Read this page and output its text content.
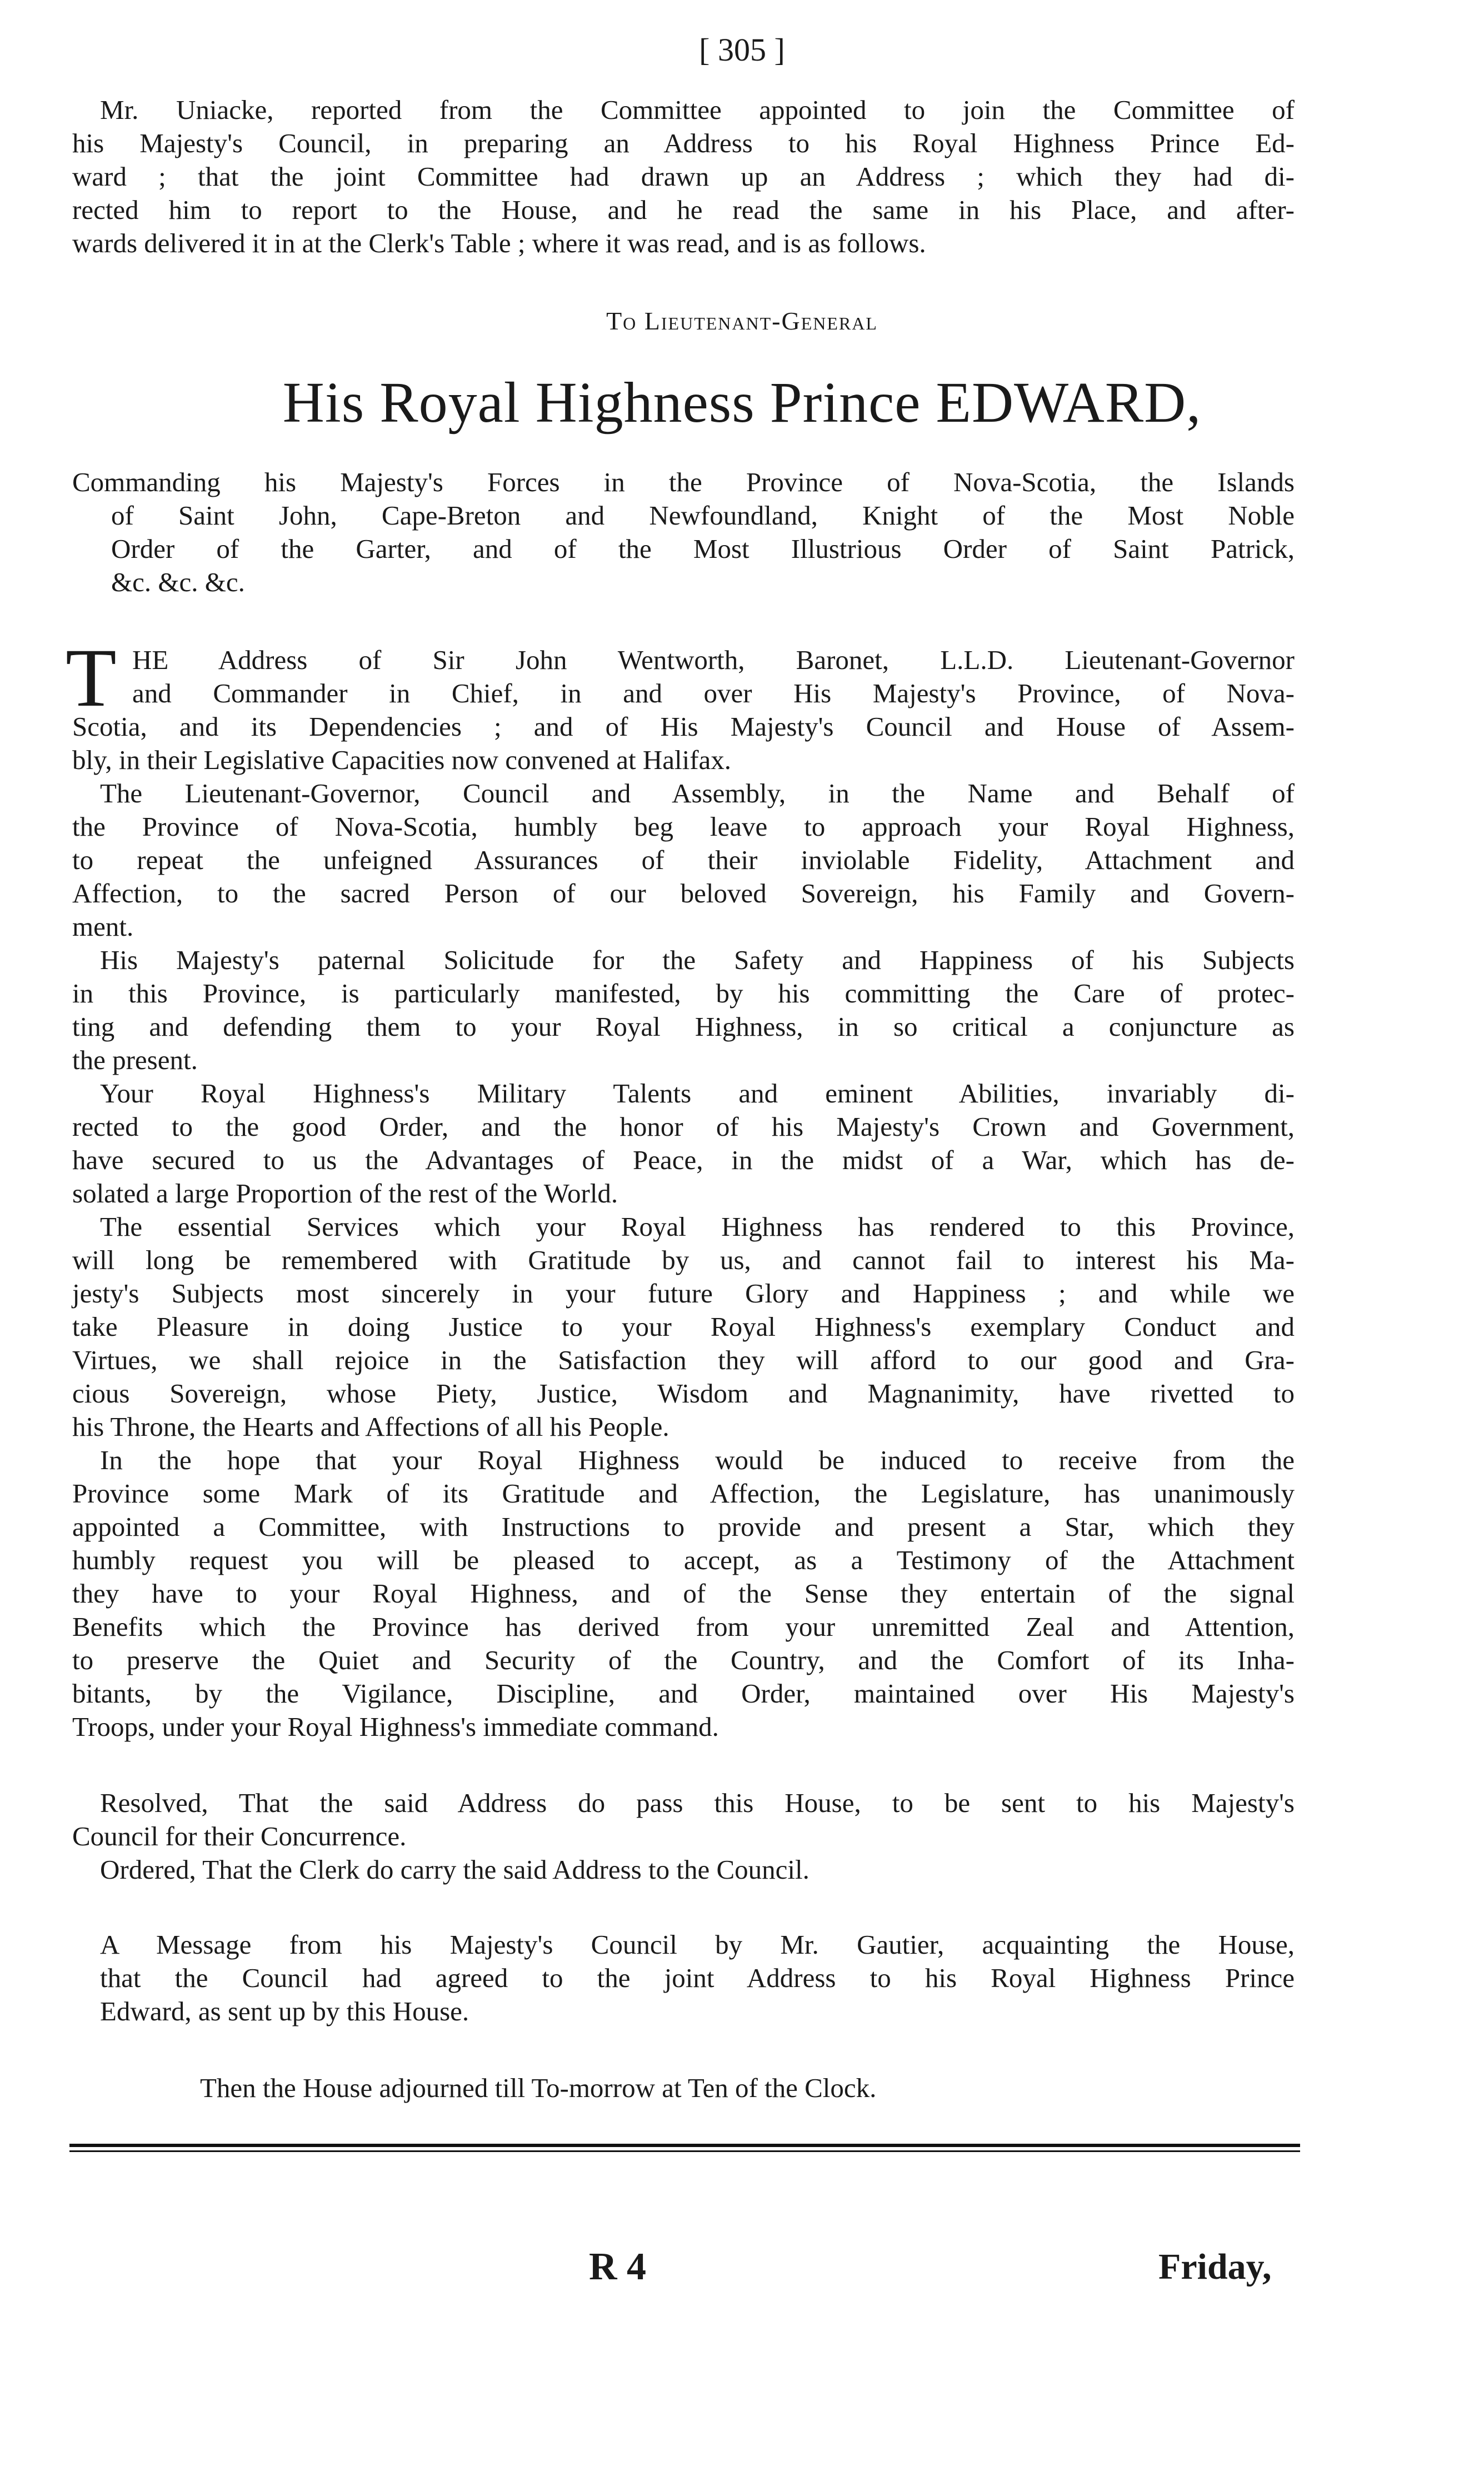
[ 305 ]
Mr. Uniacke, reported from the Committee appointed to join the Committee of
his Majesty's Council, in preparing an Address to his Royal Highness Prince Ed-
ward ; that the joint Committee had drawn up an Address ; which they had di-
rected him to report to the House, and he read the same in his Place, and after-
wards delivered it in at the Clerk's Table ; where it was read, and is as follows.
To Lieutenant-General
His Royal Highness Prince EDWARD,
Commanding his Majesty's Forces in the Province of Nova-Scotia, the Islands
of Saint John, Cape-Breton and Newfoundland, Knight of the Most Noble
Order of the Garter, and of the Most Illustrious Order of Saint Patrick,
&c. &c. &c.
T HE Address of Sir John Wentworth, Baronet, L.L.D. Lieutenant-Governor
and Commander in Chief, in and over His Majesty's Province, of Nova-
Scotia, and its Dependencies ; and of His Majesty's Council and House of Assem-
bly, in their Legislative Capacities now convened at Halifax.
The Lieutenant-Governor, Council and Assembly, in the Name and Behalf of
the Province of Nova-Scotia, humbly beg leave to approach your Royal Highness,
to repeat the unfeigned Assurances of their inviolable Fidelity, Attachment and
Affection, to the sacred Person of our beloved Sovereign, his Family and Govern-
ment.
His Majesty's paternal Solicitude for the Safety and Happiness of his Subjects
in this Province, is particularly manifested, by his committing the Care of protec-
ting and defending them to your Royal Highness, in so critical a conjuncture as
the present.
Your Royal Highness's Military Talents and eminent Abilities, invariably di-
rected to the good Order, and the honor of his Majesty's Crown and Government,
have secured to us the Advantages of Peace, in the midst of a War, which has de-
solated a large Proportion of the rest of the World.
The essential Services which your Royal Highness has rendered to this Province,
will long be remembered with Gratitude by us, and cannot fail to interest his Ma-
jesty's Subjects most sincerely in your future Glory and Happiness ; and while we
take Pleasure in doing Justice to your Royal Highness's exemplary Conduct and
Virtues, we shall rejoice in the Satisfaction they will afford to our good and Gra-
cious Sovereign, whose Piety, Justice, Wisdom and Magnanimity, have rivetted to
his Throne, the Hearts and Affections of all his People.
In the hope that your Royal Highness would be induced to receive from the
Province some Mark of its Gratitude and Affection, the Legislature, has unanimously
appointed a Committee, with Instructions to provide and present a Star, which they
humbly request you will be pleased to accept, as a Testimony of the Attachment
they have to your Royal Highness, and of the Sense they entertain of the signal
Benefits which the Province has derived from your unremitted Zeal and Attention,
to preserve the Quiet and Security of the Country, and the Comfort of its Inha-
bitants, by the Vigilance, Discipline, and Order, maintained over His Majesty's
Troops, under your Royal Highness's immediate command.
Resolved, That the said Address do pass this House, to be sent to his Majesty's
Council for their Concurrence.
Ordered, That the Clerk do carry the said Address to the Council.
A Message from his Majesty's Council by Mr. Gautier, acquainting the House,
that the Council had agreed to the joint Address to his Royal Highness Prince
Edward, as sent up by this House.
Then the House adjourned till To-morrow at Ten of the Clock.
R 4	Friday,
